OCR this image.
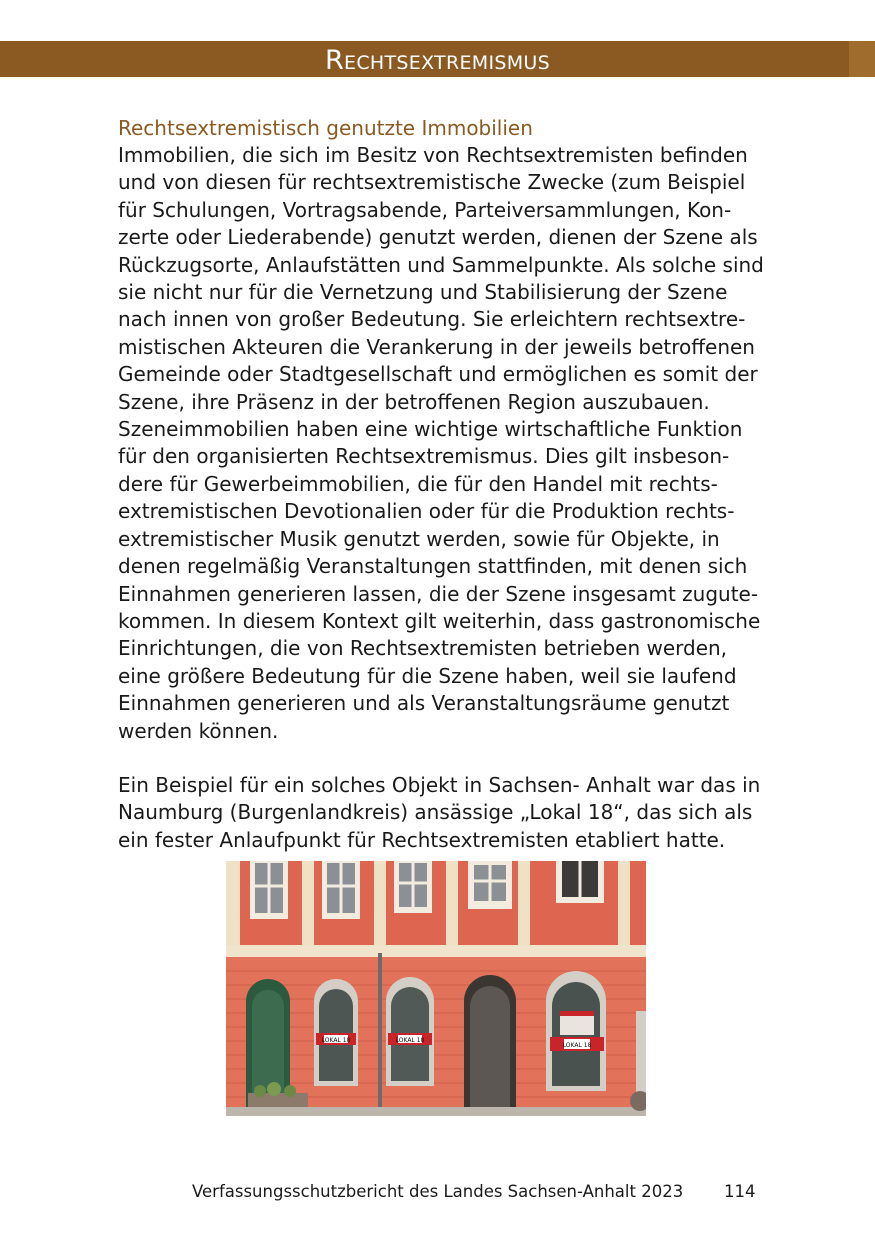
Rechtsextremismus
Rechtsextremistisch genutzte Immobilien

Immobilien, die sich im Besitz von Rechtsextremisten befinden
und von diesen für rechtsextremistische Zwecke (zum Beispiel
für Schulungen, Vortragsabende, Parteiversammlungen, Kon-
zerte oder Liederabende) genutzt werden, dienen der Szene als
Rückzugsorte, Anlaufstätten und Sammelpunkte. Als solche sind
sie nicht nur für die Vernetzung und Stabilisierung der Szene
nach innen von großer Bedeutung. Sie erleichtern rechtsextre-
mistischen Akteuren die Verankerung in der jeweils betroffenen
Gemeinde oder Stadtgesellschaft und ermöglichen es somit der
Szene, ihre Präsenz in der betroffenen Region auszubauen.
Szeneimmobilien haben eine wichtige wirtschaftliche Funktion
für den organisierten Rechtsextremismus. Dies gilt insbeson-
dere für Gewerbeimmobilien, die für den Handel mit rechts-
extremistischen Devotionalien oder für die Produktion rechts-
extremistischer Musik genutzt werden, sowie für Objekte, in
denen regelmäßig Veranstaltungen stattfinden, mit denen sich
Einnahmen generieren lassen, die der Szene insgesamt zugute-
kommen. In diesem Kontext gilt weiterhin, dass gastronomische
Einrichtungen, die von Rechtsextremisten betrieben werden,
eine größere Bedeutung für die Szene haben, weil sie laufend
Einnahmen generieren und als Veranstaltungsräume genutzt
werden können.

Ein Beispiel für ein solches Objekt in Sachsen- Anhalt war das in
Naumburg (Burgenlandkreis) ansässige „Lokal 18“, das sich als
ein fester Anlaufpunkt für Rechtsextremisten etabliert hatte.

LOKAL 18	LOKAL 18
LOKAL 18
Verfassungsschutzbericht des Landes Sachsen-Anhalt 2023 114
